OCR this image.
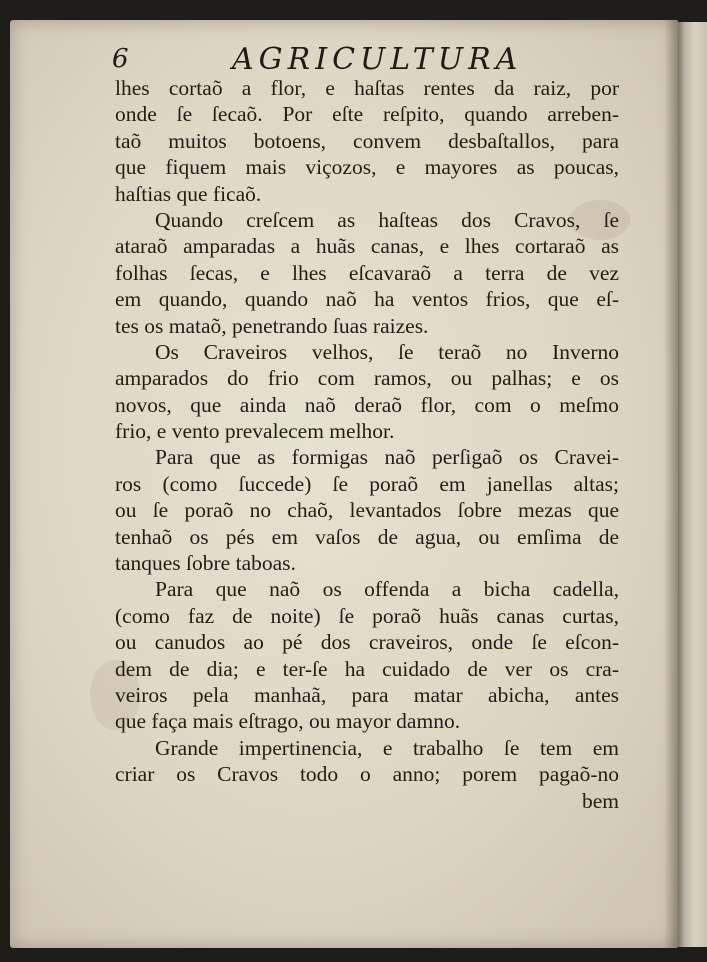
6	AGRICULTURA
lhes cortaõ a flor, e haſtas rentes da raiz, por
onde ſe ſecaõ. Por eſte reſpito, quando arreben-
taõ muitos botoens, convem desbaſtallos, para
que fiquem mais viçozos, e mayores as poucas,
haſtias que ficaõ.
Quando creſcem as haſteas dos Cravos, ſe
ataraõ amparadas a huãs canas, e lhes cortaraõ as
folhas ſecas, e lhes eſcavaraõ a terra de vez
em quando, quando naõ ha ventos frios, que eſ-
tes os mataõ, penetrando ſuas raizes.
Os Craveiros velhos, ſe teraõ no Inverno
amparados do frio com ramos, ou palhas; e os
novos, que ainda naõ deraõ flor, com o meſmo
frio, e vento prevalecem melhor.
Para que as formigas naõ perſigaõ os Cravei-
ros (como ſuccede) ſe poraõ em janellas altas;
ou ſe poraõ no chaõ, levantados ſobre mezas que
tenhaõ os pés em vaſos de agua, ou emſima de
tanques ſobre taboas.
Para que naõ os offenda a bicha cadella,
(como faz de noite) ſe poraõ huãs canas curtas,
ou canudos ao pé dos craveiros, onde ſe eſcon-
dem de dia; e ter-ſe ha cuidado de ver os cra-
veiros pela manhaã, para matar abicha, antes
que faça mais eſtrago, ou mayor damno.
Grande impertinencia, e trabalho ſe tem em
criar os Cravos todo o anno; porem pagaõ-no
bem
